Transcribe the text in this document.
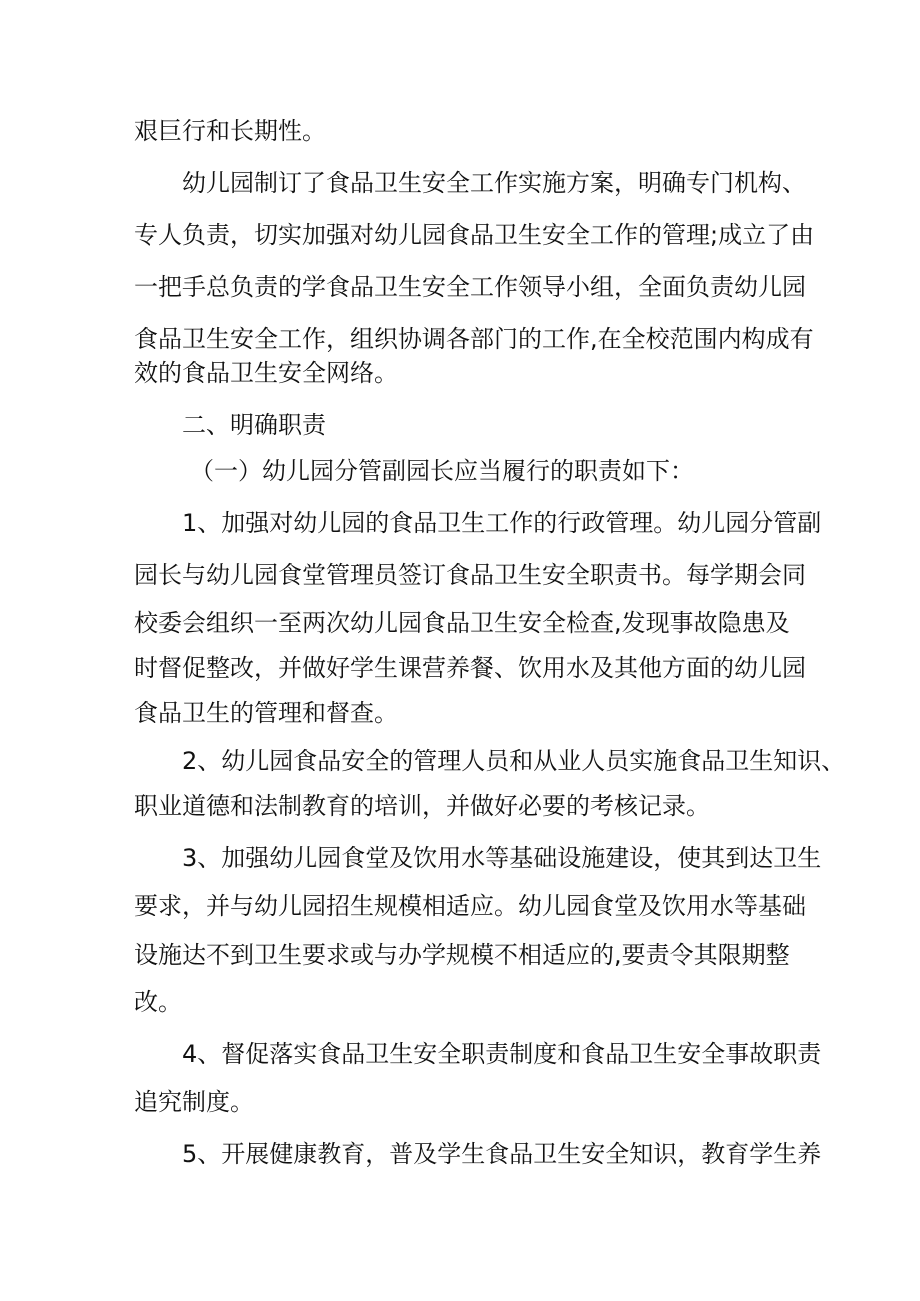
艰巨行和长期性。
幼儿园制订了食品卫生安全工作实施方案，明确专门机构、
专人负责，切实加强对幼儿园食品卫生安全工作的管理;成立了由
一把手总负责的学食品卫生安全工作领导小组，全面负责幼儿园
食品卫生安全工作，组织协调各部门的工作,在全校范围内构成有
效的食品卫生安全网络。
二、明确职责
（一）幼儿园分管副园长应当履行的职责如下：
1、加强对幼儿园的食品卫生工作的行政管理。幼儿园分管副
园长与幼儿园食堂管理员签订食品卫生安全职责书。每学期会同
校委会组织一至两次幼儿园食品卫生安全检查,发现事故隐患及
时督促整改，并做好学生课营养餐、饮用水及其他方面的幼儿园
食品卫生的管理和督查。
2、幼儿园食品安全的管理人员和从业人员实施食品卫生知识、
职业道德和法制教育的培训，并做好必要的考核记录。
3、加强幼儿园食堂及饮用水等基础设施建设，使其到达卫生
要求，并与幼儿园招生规模相适应。幼儿园食堂及饮用水等基础
设施达不到卫生要求或与办学规模不相适应的,要责令其限期整
改。
4、督促落实食品卫生安全职责制度和食品卫生安全事故职责
追究制度。
5、开展健康教育，普及学生食品卫生安全知识，教育学生养
